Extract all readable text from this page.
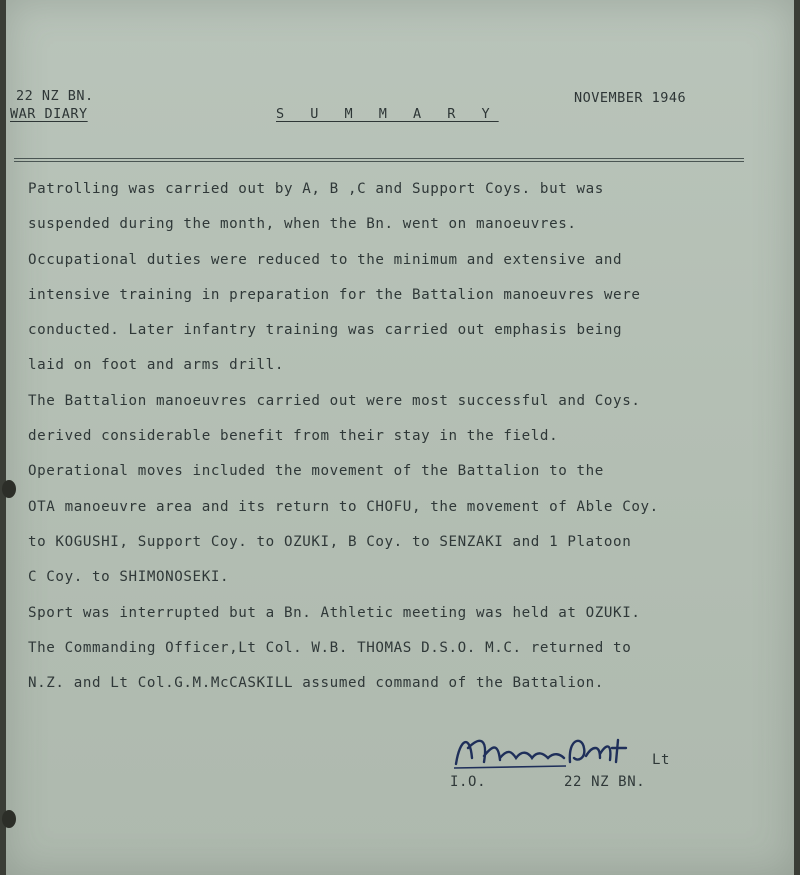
22 NZ BN.
WAR DIARY	S U M M A R Y
NOVEMBER 1946
Patrolling was carried out by A, B ,C and Support Coys. but was
suspended during the month, when the Bn. went on manoeuvres.
Occupational duties were reduced to the minimum and extensive and
intensive training in preparation for the Battalion manoeuvres were
conducted. Later infantry training was carried out emphasis being
laid on foot and arms drill.
The Battalion manoeuvres carried out were most successful and Coys.
derived considerable benefit from their stay in the field.
Operational moves included the movement of the Battalion to the
OTA manoeuvre area and its return to CHOFU, the movement of Able Coy.
to KOGUSHI, Support Coy. to OZUKI, B Coy. to SENZAKI and 1 Platoon
C Coy. to SHIMONOSEKI.
Sport was interrupted but a Bn. Athletic meeting was held at OZUKI.
The Commanding Officer,Lt Col. W.B. THOMAS D.S.O. M.C. returned to
N.Z. and Lt Col.G.M.McCASKILL assumed command of the Battalion.
Lt
I.O.	22 NZ BN.
